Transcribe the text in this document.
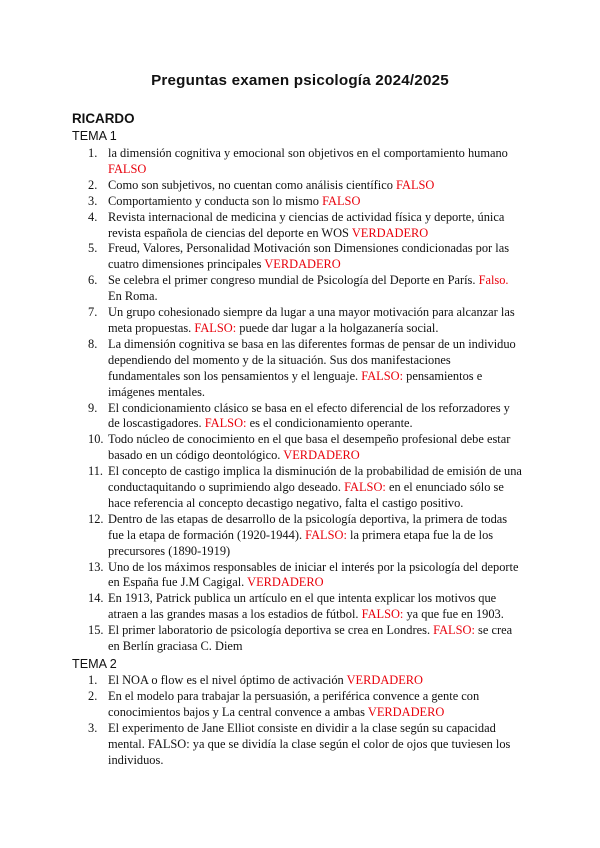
Preguntas examen psicología 2024/2025
RICARDO
TEMA 1
1. la dimensión cognitiva y emocional son objetivos en el comportamiento humano FALSO
2. Como son subjetivos, no cuentan como análisis científico FALSO
3. Comportamiento y conducta son lo mismo FALSO
4. Revista internacional de medicina y ciencias de actividad física y deporte, única revista española de ciencias del deporte en WOS VERDADERO
5. Freud, Valores, Personalidad Motivación son Dimensiones condicionadas por las cuatro dimensiones principales VERDADERO
6. Se celebra el primer congreso mundial de Psicología del Deporte en París. Falso. En Roma.
7. Un grupo cohesionado siempre da lugar a una mayor motivación para alcanzar las meta propuestas. FALSO: puede dar lugar a la holgazanería social.
8. La dimensión cognitiva se basa en las diferentes formas de pensar de un individuo dependiendo del momento y de la situación. Sus dos manifestaciones fundamentales son los pensamientos y el lenguaje. FALSO: pensamientos e imágenes mentales.
9. El condicionamiento clásico se basa en el efecto diferencial de los reforzadores y de loscastigadores. FALSO: es el condicionamiento operante.
10. Todo núcleo de conocimiento en el que basa el desempeño profesional debe estar basado en un código deontológico. VERDADERO
11. El concepto de castigo implica la disminución de la probabilidad de emisión de una conductaquitando o suprimiendo algo deseado. FALSO: en el enunciado sólo se hace referencia al concepto decastigo negativo, falta el castigo positivo.
12. Dentro de las etapas de desarrollo de la psicología deportiva, la primera de todas fue la etapa de formación (1920-1944). FALSO: la primera etapa fue la de los precursores (1890-1919)
13. Uno de los máximos responsables de iniciar el interés por la psicología del deporte en España fue J.M Cagigal. VERDADERO
14. En 1913, Patrick publica un artículo en el que intenta explicar los motivos que atraen a las grandes masas a los estadios de fútbol. FALSO: ya que fue en 1903.
15. El primer laboratorio de psicología deportiva se crea en Londres. FALSO: se crea en Berlín graciasa C. Diem
TEMA 2
1. El NOA o flow es el nivel óptimo de activación VERDADERO
2. En el modelo para trabajar la persuasión, a periférica convence a gente con conocimientos bajos y La central convence a ambas VERDADERO
3. El experimento de Jane Elliot consiste en dividir a la clase según su capacidad mental. FALSO: ya que se dividía la clase según el color de ojos que tuviesen los individuos.
